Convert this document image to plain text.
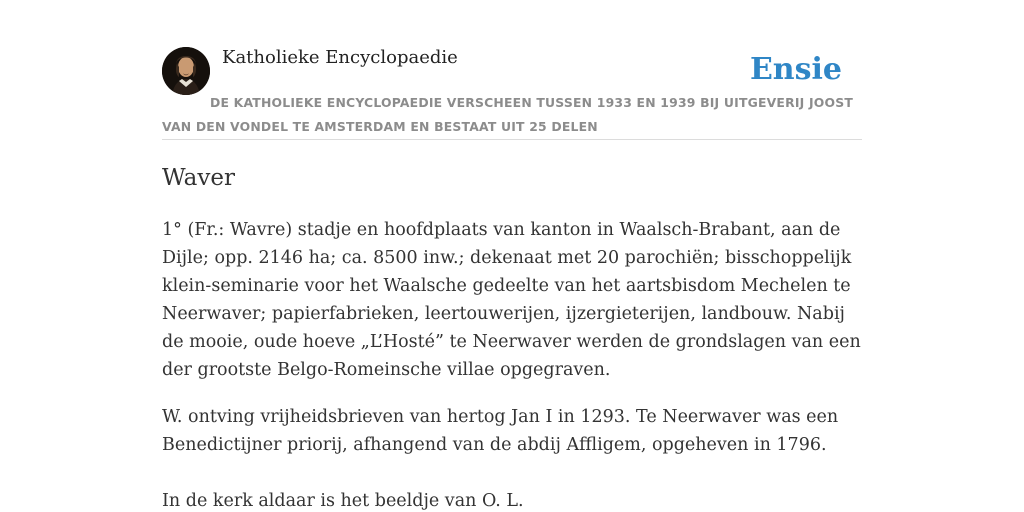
Katholieke Encyclopaedie	Ensie
DE KATHOLIEKE ENCYCLOPAEDIE VERSCHEEN TUSSEN 1933 EN 1939 BIJ UITGEVERIJ JOOST VAN DEN VONDEL TE AMSTERDAM EN BESTAAT UIT 25 DELEN
Waver

1° (Fr.: Wavre) stadje en hoofdplaats van kanton in Waalsch-Brabant, aan de Dijle; opp. 2146 ha; ca. 8500 inw.; dekenaat met 20 parochiën; bisschoppelijk klein-seminarie voor het Waalsche gedeelte van het aartsbisdom Mechelen te Neerwaver; papierfabrieken, leertouwerijen, ijzergieterijen, landbouw. Nabij de mooie, oude hoeve „L’Hosté” te Neerwaver werden de grondslagen van een der grootste Belgo-Romeinsche villae opgegraven.

W. ontving vrijheidsbrieven van hertog Jan I in 1293. Te Neerwaver was een Benedictijner priorij, afhangend van de abdij Affligem, opgeheven in 1796.

In de kerk aldaar is het beeldje van O. L.
